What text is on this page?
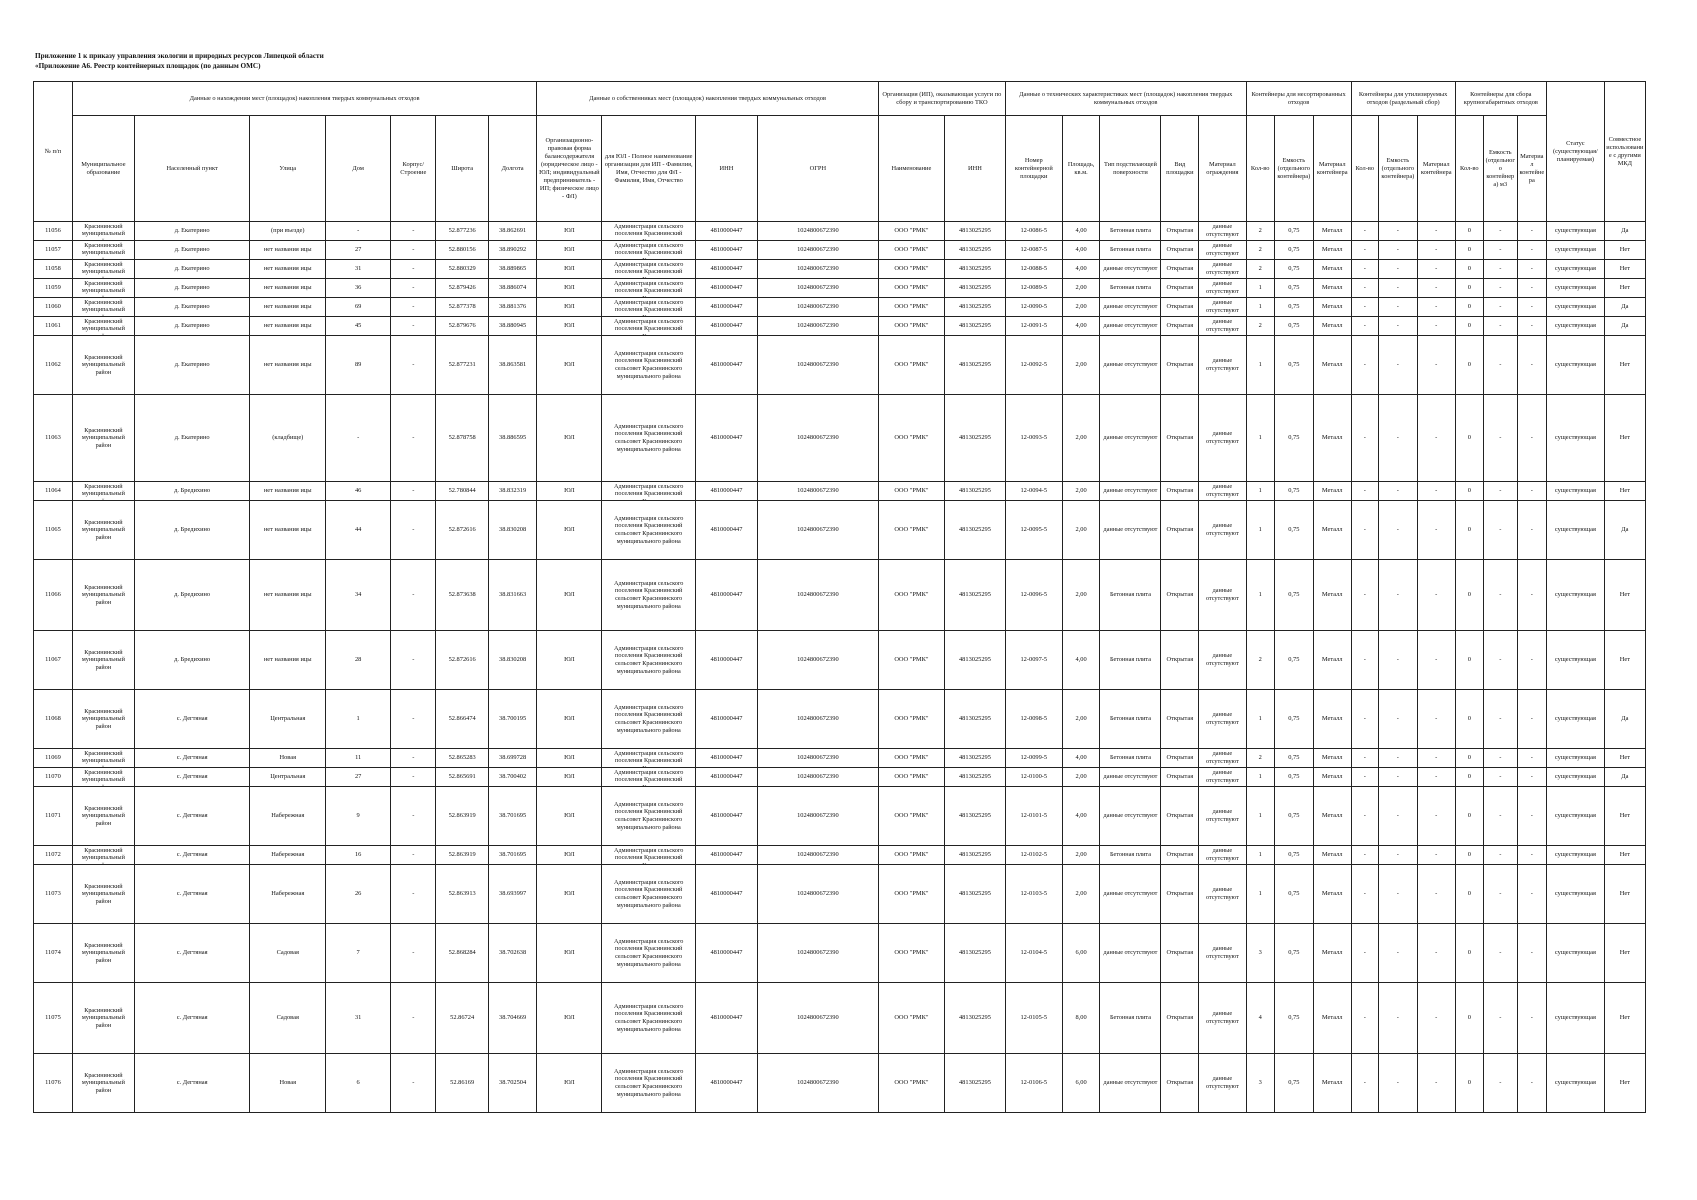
Приложение 1 к приказу управления экологии и природных ресурсов Липецкой области
«Приложение А6. Реестр контейнерных площадок (по данным ОМС)
№ п/п	Данные о нахождении мест (площадок) накопления твердых коммунальных отходов							Данные о собственниках мест (площадок) накопления твердых коммунальных отходов				Организация (ИП), оказывающая услуги по сбору и транспортированию ТКО		Данные о технических характеристиках мест (площадок) накопления твердых коммунальных отходов					Контейнеры для несортированных отходов			Контейнеры для утилизируемых отходов (раздельный сбор)			Контейнеры для сбора крупногабаритных отходов			Статус (существующая/ планируемая)	Совместное использование с другими МКД
	Муниципальное образование	Населенный пункт	Улица	Дом	Корпус/Строение	Широта	Долгота	Организационно-правовая форма балансодержателя (юридическое лицо - ЮЛ; индивидуальный предприниматель - ИП; физическое лицо - ФЛ)	для ЮЛ - Полное наименование организации для ИП - Фамилия, Имя, Отчество для ФЛ - Фамилия, Имя, Отчество	ИНН	ОГРН	Наименование	ИНН	Номер контейнерной площадки	Площадь, кв.м.	Тип подстилающей поверхности	Вид площадки	Материал ограждения	Кол-во	Емкость (отдельного контейнера)	Материал контейнера	Кол-во	Емкость (отдельного контейнера)	Материал контейнера	Кол-во	Емкость (отдельного контейнера) м3	Материал контейнера		
11056	Красининский муниципальный	д. Екатерино	(при въезде)	-	-	52.877236	38.862691	ЮЛ	Администрация сельского поселения Красининский	4810000447	1024800672390	ООО "РМК"	4813025295	12-0086-5	4,00	Бетонная плита	Открытая	данные отсутствуют	2	0,75	Металл	-	-	-	0	-	-	существующая	Да
11057	Красининский муниципальный	д. Екатерино	нет названия ицы	27	-	52.880156	38.890292	ЮЛ	Администрация сельского поселения Красининский	4810000447	1024800672390	ООО "РМК"	4813025295	12-0087-5	4,00	Бетонная плита	Открытая	данные отсутствуют	2	0,75	Металл	-	-	-	0	-	-	существующая	Нет
11058	Красининский муниципальный	д. Екатерино	нет названия ицы	31	-	52.880329	38.889865	ЮЛ	Администрация сельского поселения Красининский	4810000447	1024800672390	ООО "РМК"	4813025295	12-0088-5	4,00	данные отсутствуют	Открытая	данные отсутствуют	2	0,75	Металл	-	-	-	0	-	-	существующая	Нет
11059	Красининский муниципальный	д. Екатерино	нет названия ицы	36	-	52.879426	38.886074	ЮЛ	Администрация сельского поселения Красининский	4810000447	1024800672390	ООО "РМК"	4813025295	12-0089-5	2,00	Бетонная плита	Открытая	данные отсутствуют	1	0,75	Металл	-	-	-	0	-	-	существующая	Нет
11060	Красининский муниципальный	д. Екатерино	нет названия ицы	69	-	52.877378	38.881376	ЮЛ	Администрация сельского поселения Красининский	4810000447	1024800672390	ООО "РМК"	4813025295	12-0090-5	2,00	данные отсутствуют	Открытая	данные отсутствуют	1	0,75	Металл	-	-	-	0	-	-	существующая	Да
11061	Красининский муниципальный	д. Екатерино	нет названия ицы	45	-	52.879676	38.880945	ЮЛ	Администрация сельского поселения Красининский	4810000447	1024800672390	ООО "РМК"	4813025295	12-0091-5	4,00	данные отсутствуют	Открытая	данные отсутствуют	2	0,75	Металл	-	-	-	0	-	-	существующая	Да
11062	Красининский муниципальный район	д. Екатерино	нет названия ицы	89	-	52.877231	38.863581	ЮЛ	Администрация сельского поселения Красининский сельсовет Красининского муниципального района	4810000447	1024800672390	ООО "РМК"	4813025295	12-0092-5	2,00	данные отсутствуют	Открытая	данные отсутствуют	1	0,75	Металл	-	-	-	0	-	-	существующая	Нет
11063	Красининский муниципальный район	д. Екатерино	(кладбище)	-	-	52.878758	38.886595	ЮЛ	Администрация сельского поселения Красининский сельсовет Красининского муниципального района	4810000447	1024800672390	ООО "РМК"	4813025295	12-0093-5	2,00	данные отсутствуют	Открытая	данные отсутствуют	1	0,75	Металл	-	-	-	0	-	-	существующая	Нет
11064	Красининский муниципальный	д. Бредихино	нет названия ицы	46	-	52.780844	38.832319	ЮЛ	Администрация сельского поселения Красининский	4810000447	1024800672390	ООО "РМК"	4813025295	12-0094-5	2,00	данные отсутствуют	Открытая	данные отсутствуют	1	0,75	Металл	-	-	-	0	-	-	существующая	Нет
11065	Красининский муниципальный район	д. Бредихино	нет названия ицы	44	-	52.872616	38.830208	ЮЛ	Администрация сельского поселения Красининский сельсовет Красининского муниципального района	4810000447	1024800672390	ООО "РМК"	4813025295	12-0095-5	2,00	данные отсутствуют	Открытая	данные отсутствуют	1	0,75	Металл	-	-	-	0	-	-	существующая	Да
11066	Красининский муниципальный район	д. Бредихино	нет названия ицы	34	-	52.873638	38.831663	ЮЛ	Администрация сельского поселения Красининский сельсовет Красининского муниципального района	4810000447	1024800672390	ООО "РМК"	4813025295	12-0096-5	2,00	Бетонная плита	Открытая	данные отсутствуют	1	0,75	Металл	-	-	-	0	-	-	существующая	Нет
11067	Красининский муниципальный район	д. Бредихино	нет названия ицы	28	-	52.872616	38.830208	ЮЛ	Администрация сельского поселения Красининский сельсовет Красининского муниципального района	4810000447	1024800672390	ООО "РМК"	4813025295	12-0097-5	4,00	Бетонная плита	Открытая	данные отсутствуют	2	0,75	Металл	-	-	-	0	-	-	существующая	Нет
11068	Красининский муниципальный район	с. Дегтяная	Центральная	1	-	52.866474	38.700195	ЮЛ	Администрация сельского поселения Красининский сельсовет Красининского муниципального района	4810000447	1024800672390	ООО "РМК"	4813025295	12-0098-5	2,00	Бетонная плита	Открытая	данные отсутствуют	1	0,75	Металл	-	-	-	0	-	-	существующая	Да
11069	Красининский муниципальный	с. Дегтяная	Новая	11	-	52.865283	38.699728	ЮЛ	Администрация сельского поселения Красининский	4810000447	1024800672390	ООО "РМК"	4813025295	12-0099-5	4,00	Бетонная плита	Открытая	данные отсутствуют	2	0,75	Металл	-	-	-	0	-	-	существующая	Нет
11070	Красининский муниципальный	с. Дегтяная	Центральная	27	-	52.865691	38.700402	ЮЛ	Администрация сельского поселения Красининский	4810000447	1024800672390	ООО "РМК"	4813025295	12-0100-5	2,00	данные отсутствуют	Открытая	данные отсутствуют	1	0,75	Металл	-	-	-	0	-	-	существующая	Да
11071	Красининский муниципальный район	с. Дегтяная	Набережная	9	-	52.863919	38.701695	ЮЛ	Администрация сельского поселения Красининский сельсовет Красининского муниципального района	4810000447	1024800672390	ООО "РМК"	4813025295	12-0101-5	4,00	данные отсутствуют	Открытая	данные отсутствуют	1	0,75	Металл	-	-	-	0	-	-	существующая	Нет
11072	Красининский муниципальный	с. Дегтяная	Набережная	16	-	52.863919	38.701695	ЮЛ	Администрация сельского поселения Красининский	4810000447	1024800672390	ООО "РМК"	4813025295	12-0102-5	2,00	Бетонная плита	Открытая	данные отсутствуют	1	0,75	Металл	-	-	-	0	-	-	существующая	Нет
11073	Красининский муниципальный район	с. Дегтяная	Набережная	26	-	52.863913	38.693997	ЮЛ	Администрация сельского поселения Красининский сельсовет Красининского муниципального района	4810000447	1024800672390	ООО "РМК"	4813025295	12-0103-5	2,00	данные отсутствуют	Открытая	данные отсутствуют	1	0,75	Металл	-	-	-	0	-	-	существующая	Нет
11074	Красининский муниципальный район	с. Дегтяная	Садовая	7	-	52.868284	38.702638	ЮЛ	Администрация сельского поселения Красининский сельсовет Красининского муниципального района	4810000447	1024800672390	ООО "РМК"	4813025295	12-0104-5	6,00	данные отсутствуют	Открытая	данные отсутствуют	3	0,75	Металл	-	-	-	0	-	-	существующая	Нет
11075	Красининский муниципальный район	с. Дегтяная	Садовая	31	-	52.86724	38.704669	ЮЛ	Администрация сельского поселения Красининский сельсовет Красининского муниципального района	4810000447	1024800672390	ООО "РМК"	4813025295	12-0105-5	8,00	Бетонная плита	Открытая	данные отсутствуют	4	0,75	Металл	-	-	-	0	-	-	существующая	Нет
11076	Красининский муниципальный район	с. Дегтяная	Новая	6	-	52.86169	38.702504	ЮЛ	Администрация сельского поселения Красининский сельсовет Красининского муниципального района	4810000447	1024800672390	ООО "РМК"	4813025295	12-0106-5	6,00	данные отсутствуют	Открытая	данные отсутствуют	3	0,75	Металл	-	-	-	0	-	-	существующая	Нет
